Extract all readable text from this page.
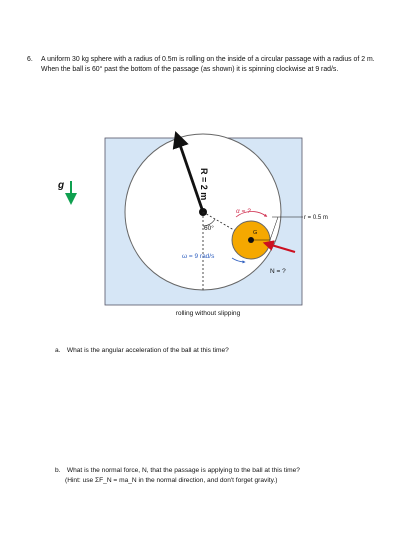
6. A uniform 30 kg sphere with a radius of 0.5m is rolling on the inside of a circular passage with a radius of 2 m. When the ball is 60° past the bottom of the passage (as shown) it is spinning clockwise at 9 rad/s.
g	R = 2 m
60°
G
r = 0.5 m
α = ?
ω = 9 rad/s
N = ?
rolling without slipping
a. What is the angular acceleration of the ball at this time?
b. What is the normal force, N, that the passage is applying to the ball at this time?
(Hint: use ΣF_N = ma_N in the normal direction, and don't forget gravity.)
